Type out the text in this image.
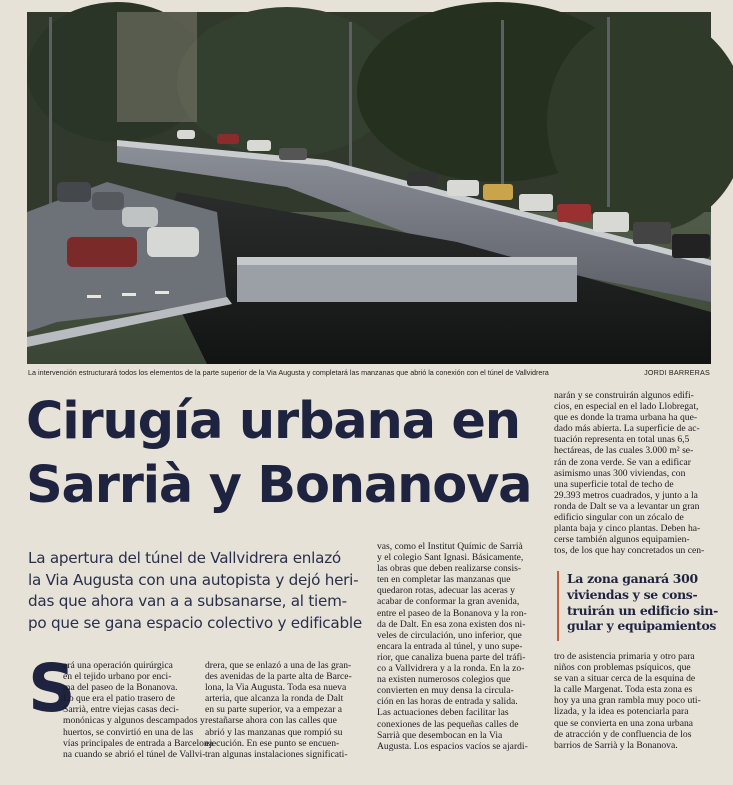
La intervención estructurará todos los elementos de la parte superior de la Via Augusta y completará las manzanas que abrió la conexión con el túnel de Vallvidrera	JORDI BARRERAS
Cirugía urbana en
Sarrià y Bonanova
La apertura del túnel de Vallvidrera enlazó
la Via Augusta con una autopista y dejó heri-
das que ahora van a a subsanarse, al tiem-
po que se gana espacio colectivo y edificable
S
erá una operación quirúrgica
en el tejido urbano por enci-
ma del paseo de la Bonanova.
Lo que era el patio trasero de
Sarrià, entre viejas casas deci-
monónicas y algunos descampados y
huertos, se convirtió en una de las
vías principales de entrada a Barcelona
na cuando se abrió el túnel de Vallvi-
drera, que se enlazó a una de las gran-
des avenidas de la parte alta de Barce-
lona, la Via Augusta. Toda esa nueva
arteria, que alcanza la ronda de Dalt
en su parte superior, va a empezar a
restañarse ahora con las calles que
abrió y las manzanas que rompió su
ejecución. En ese punto se encuen-
tran algunas instalaciones significati-
vas, como el Institut Químic de Sarrià
y el colegio Sant Ignasi. Básicamente,
las obras que deben realizarse consis-
ten en completar las manzanas que
quedaron rotas, adecuar las aceras y
acabar de conformar la gran avenida,
entre el paseo de la Bonanova y la ron-
da de Dalt. En esa zona existen dos ni-
veles de circulación, uno inferior, que
encara la entrada al túnel, y uno supe-
rior, que canaliza buena parte del tráfi-
co a Vallvidrera y a la ronda. En la zo-
na existen numerosos colegios que
convierten en muy densa la circula-
ción en las horas de entrada y salida.
Las actuaciones deben facilitar las
conexiones de las pequeñas calles de
Sarrià que desembocan en la Via
Augusta. Los espacios vacíos se ajardi-
narán y se construirán algunos edifi-
cios, en especial en el lado Llobregat,
que es donde la trama urbana ha que-
dado más abierta. La superficie de ac-
tuación representa en total unas 6,5
hectáreas, de las cuales 3.000 m² se-
rán de zona verde. Se van a edificar
asimismo unas 300 viviendas, con
una superficie total de techo de
29.393 metros cuadrados, y junto a la
ronda de Dalt se va a levantar un gran
edificio singular con un zócalo de
planta baja y cinco plantas. Deben ha-
cerse también algunos equipamien-
tos, de los que hay concretados un cen-
La zona ganará 300
viviendas y se cons-
truirán un edificio sin-
gular y equipamientos
tro de asistencia primaria y otro para
niños con problemas psíquicos, que
se van a situar cerca de la esquina de
la calle Margenat. Toda esta zona es
hoy ya una gran rambla muy poco uti-
lizada, y la idea es potenciarla para
que se convierta en una zona urbana
de atracción y de confluencia de los
barrios de Sarrià y la Bonanova.
